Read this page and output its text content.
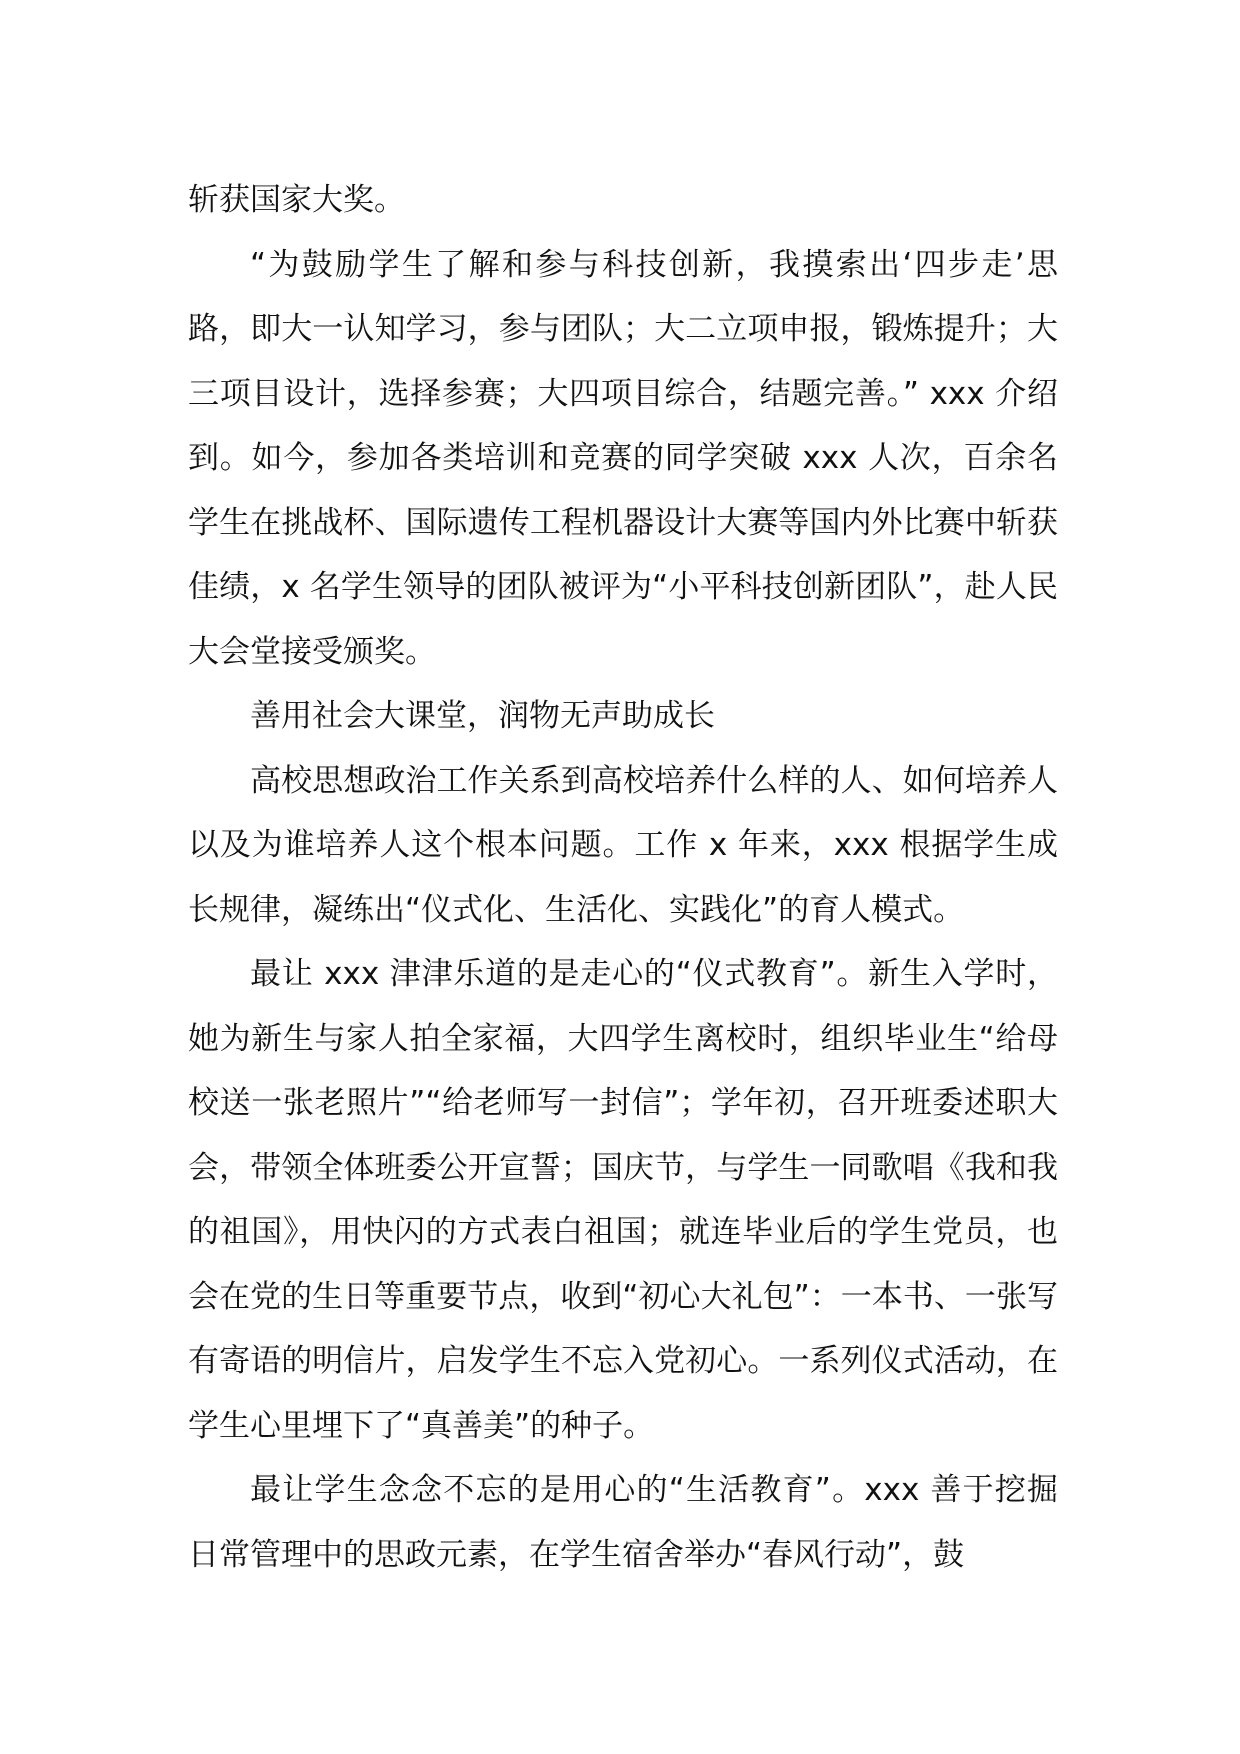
斩获国家大奖。

“为鼓励学生了解和参与科技创新，我摸索出‘四步走’思路，即大一认知学习，参与团队；大二立项申报，锻炼提升；大三项目设计，选择参赛；大四项目综合，结题完善。” xxx 介绍到。如今，参加各类培训和竞赛的同学突破 xxx 人次，百余名学生在挑战杯、国际遗传工程机器设计大赛等国内外比赛中斩获佳绩，x 名学生领导的团队被评为“小平科技创新团队”，赴人民大会堂接受颁奖。

善用社会大课堂，润物无声助成长

高校思想政治工作关系到高校培养什么样的人、如何培养人以及为谁培养人这个根本问题。工作 x 年来，xxx 根据学生成长规律，凝练出“仪式化、生活化、实践化”的育人模式。

最让 xxx 津津乐道的是走心的“仪式教育”。新生入学时，她为新生与家人拍全家福，大四学生离校时，组织毕业生“给母校送一张老照片”“给老师写一封信”；学年初，召开班委述职大会，带领全体班委公开宣誓；国庆节，与学生一同歌唱《我和我的祖国》，用快闪的方式表白祖国；就连毕业后的学生党员，也会在党的生日等重要节点，收到“初心大礼包”：一本书、一张写有寄语的明信片，启发学生不忘入党初心。一系列仪式活动，在学生心里埋下了“真善美”的种子。

最让学生念念不忘的是用心的“生活教育”。xxx 善于挖掘日常管理中的思政元素，在学生宿舍举办“春风行动”，鼓
